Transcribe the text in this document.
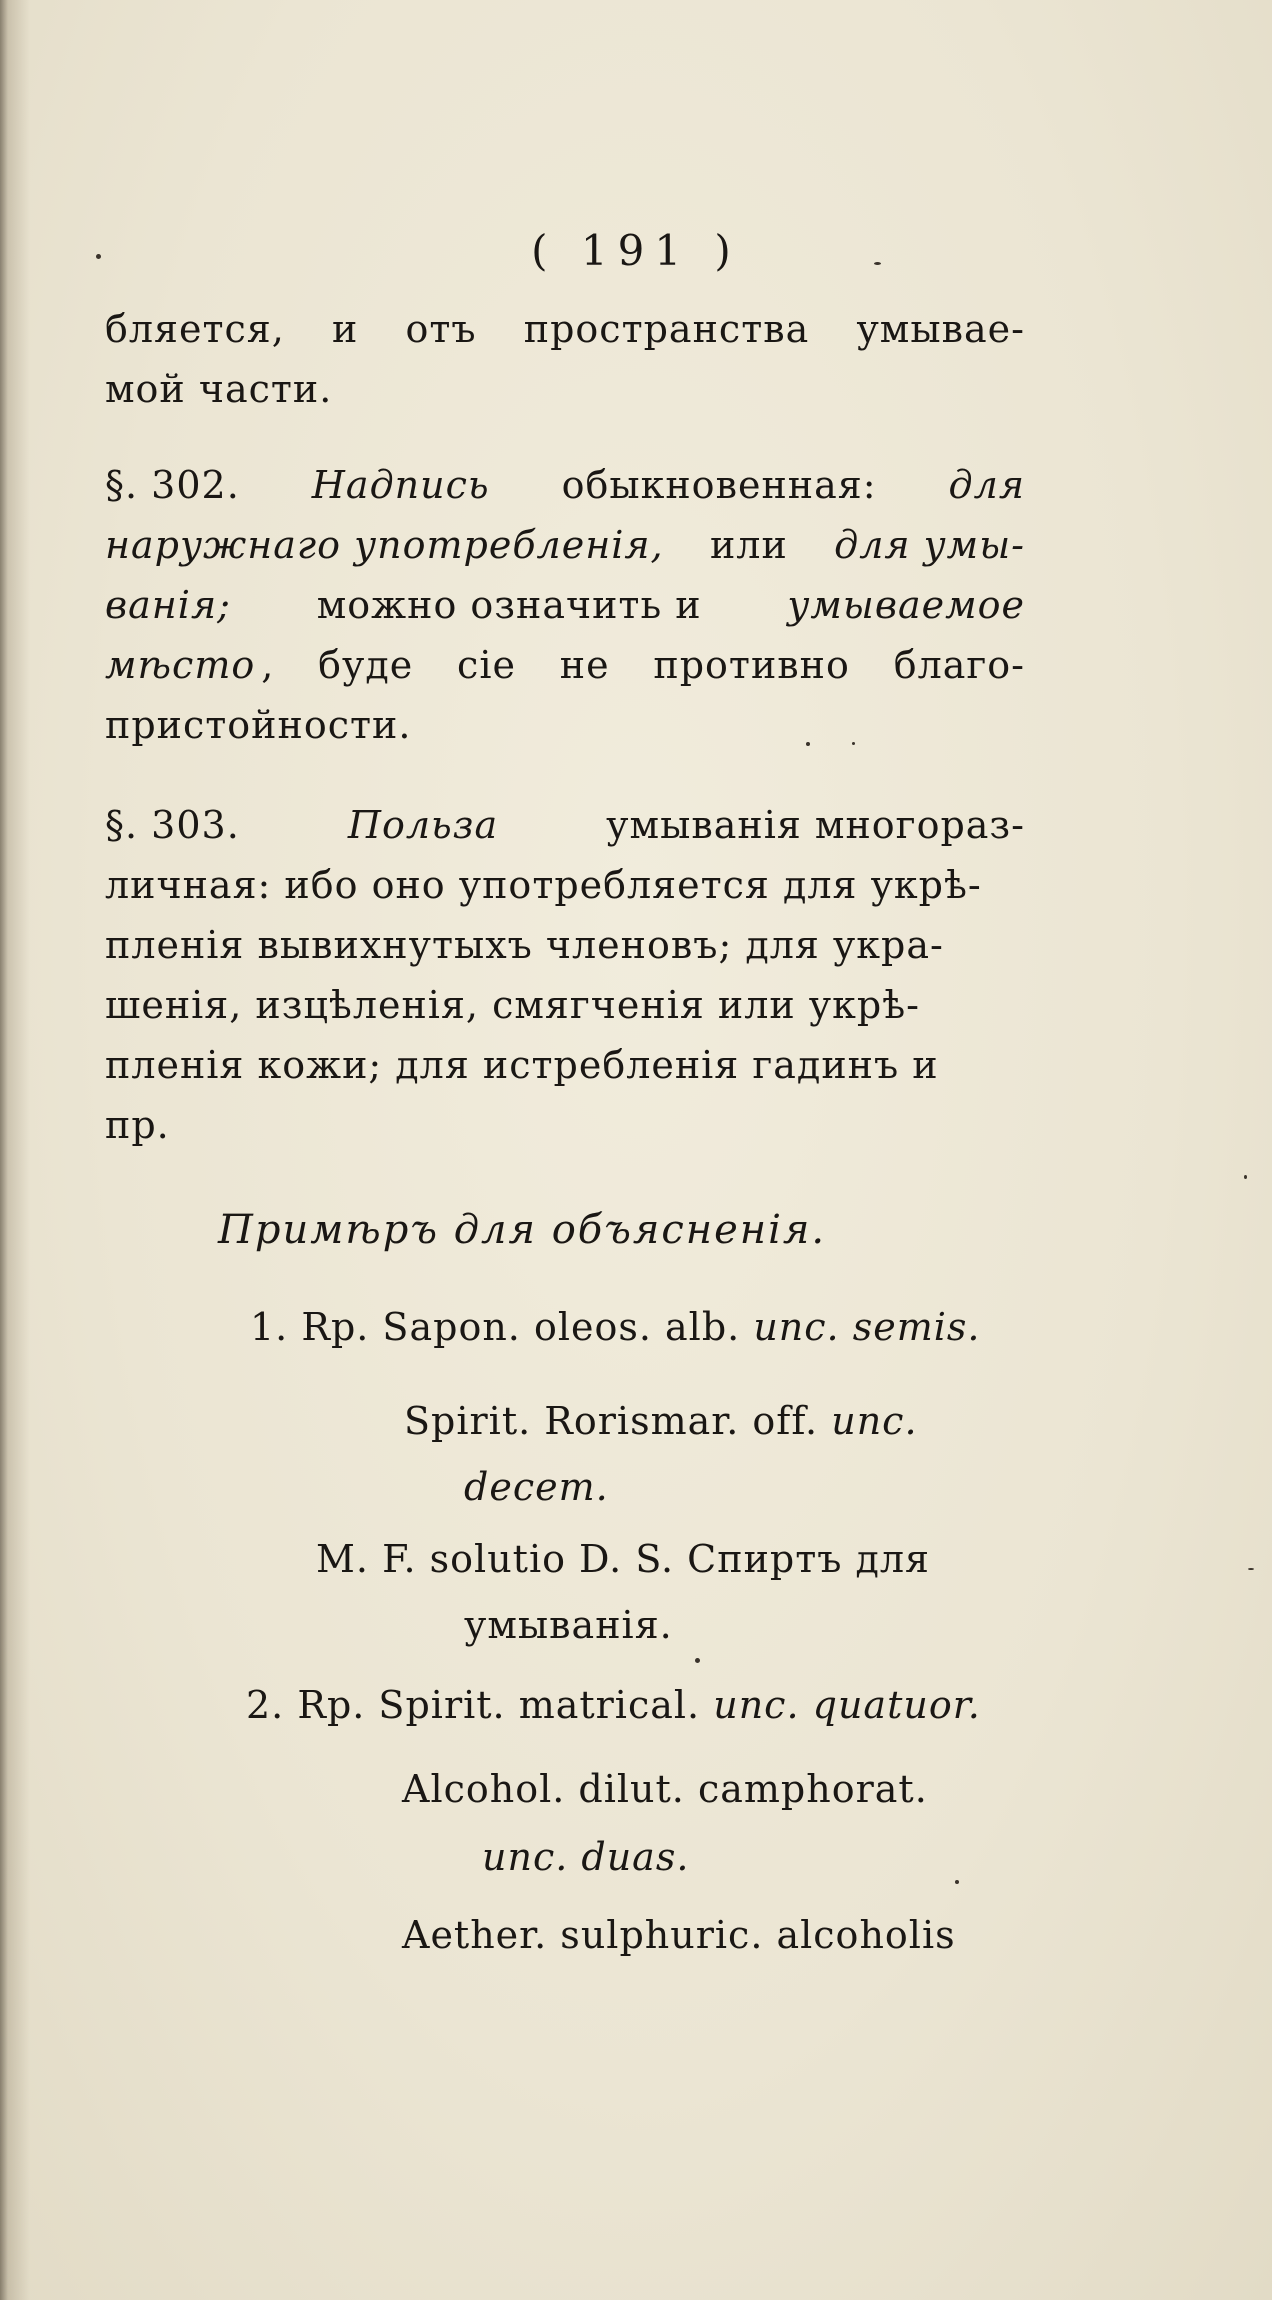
( 191 )
бляется, и отъ пространства умывае-
мой части.
§. 302. Надпись обыкновенная: для
наружнаго употребленія, или для умы-
ванія; можно означить и умываемое
мѣсто , буде сіе не противно благо-
пристойности.
§. 303.	Польза	умыванія многораз-
личная: ибо оно употребляется для укрѣ-
пленія вывихнутыхъ членовъ; для укра-
шенія, изцѣленія, смягченія или укрѣ-
пленія кожи; для истребленія гадинъ и
пр.
Примѣръ для объясненія.
1. Rp. Sapon. oleos. alb. unc. semis.
Spirit. Rorismar. off. unc.
decem.
M. F. solutio D. S. Спиртъ для
умыванія.
2. Rp. Spirit. matrical. unc. quatuor.
Alcohol. dilut. camphorat.
unc. duas.
Aether. sulphuric. alcoholis
